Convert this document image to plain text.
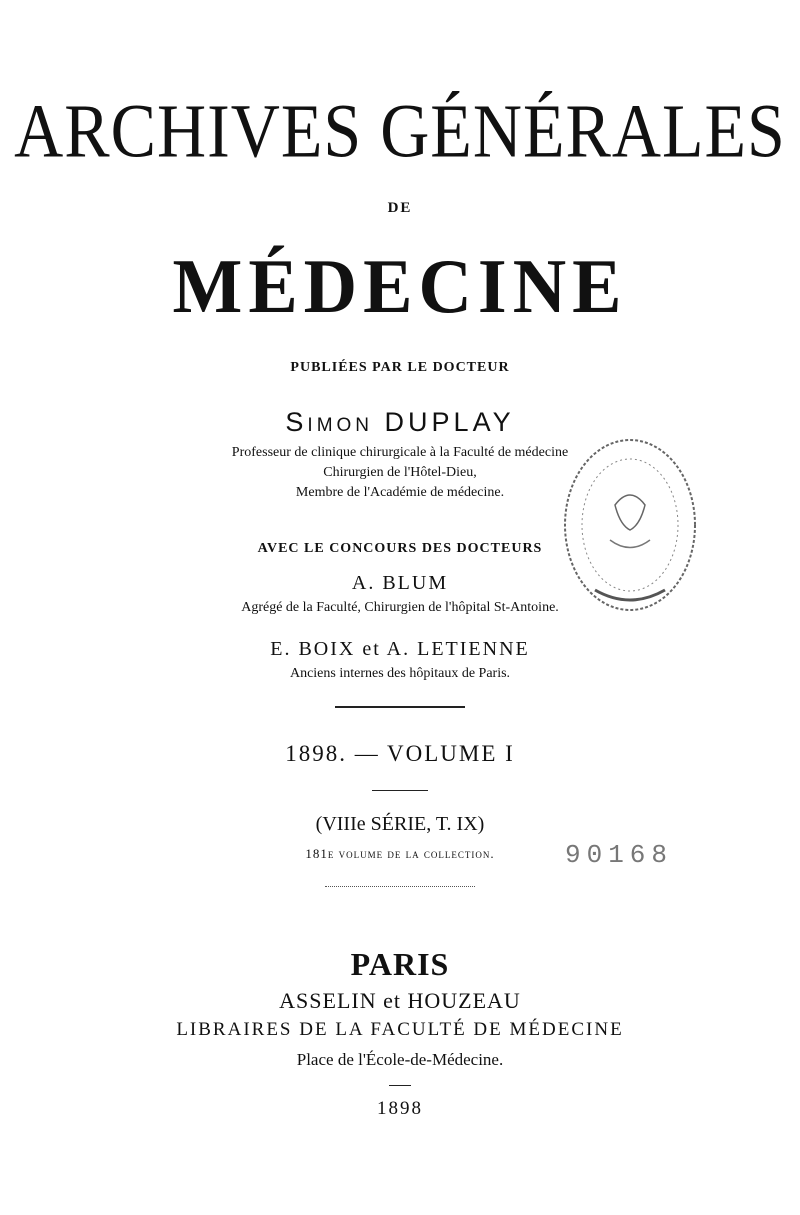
ARCHIVES GÉNÉRALES
DE
MÉDECINE
PUBLIÉES PAR LE DOCTEUR
Simon DUPLAY
Professeur de clinique chirurgicale à la Faculté de médecine
Chirurgien de l'Hôtel-Dieu,
Membre de l'Académie de médecine.
AVEC LE CONCOURS DES DOCTEURS
A. BLUM
Agrégé de la Faculté, Chirurgien de l'hôpital St-Antoine.
E. BOIX et A. LETIENNE
Anciens internes des hôpitaux de Paris.
1898. — VOLUME I
(VIIIe SÉRIE, T. IX)
181e volume de la collection.	90168
PARIS
ASSELIN et HOUZEAU
LIBRAIRES DE LA FACULTÉ DE MÉDECINE
Place de l'École-de-Médecine.
1898
